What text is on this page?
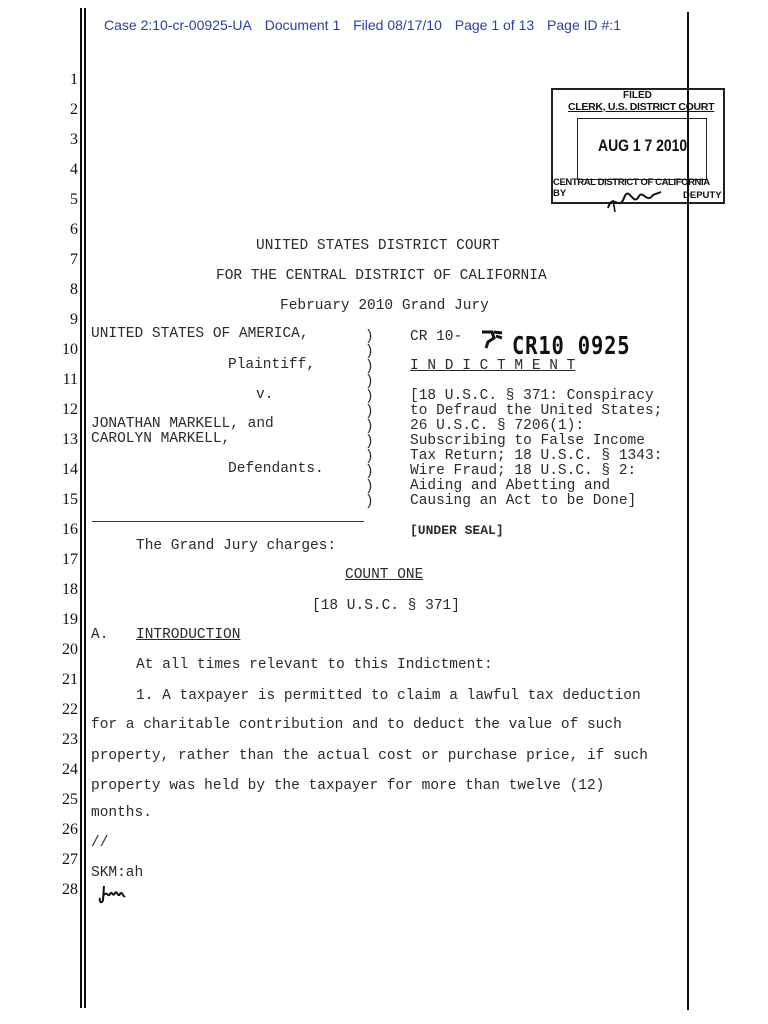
Case 2:10-cr-00925-UA Document 1 Filed 08/17/10 Page 1 of 13 Page ID #:1
1
2
3
4
5
6
7
8
9
10
11
12
13
14
15
16
17
18
19
20
21
22
23
24
25
26
27
28
FILED
CLERK, U.S. DISTRICT COURT
AUG 1 7 2010
CENTRAL DISTRICT OF CALIFORNIA
BY	DEPUTY
UNITED STATES DISTRICT COURT
FOR THE CENTRAL DISTRICT OF CALIFORNIA
February 2010 Grand Jury
UNITED STATES OF AMERICA,
Plaintiff,
v.
JONATHAN MARKELL, and
CAROLYN MARKELL,
Defendants.
)
)
)
)
)
)
)
)
)
)
)
)
CR 10- CR10 0925
I N D I C T M E N T
[18 U.S.C. § 371: Conspiracy
to Defraud the United States;
26 U.S.C. § 7206(1):
Subscribing to False Income
Tax Return; 18 U.S.C. § 1343:
Wire Fraud; 18 U.S.C. § 2:
Aiding and Abetting and
Causing an Act to be Done]
[UNDER SEAL]
The Grand Jury charges:
COUNT ONE
[18 U.S.C. § 371]
A. INTRODUCTION
At all times relevant to this Indictment:
1. A taxpayer is permitted to claim a lawful tax deduction
for a charitable contribution and to deduct the value of such
property, rather than the actual cost or purchase price, if such
property was held by the taxpayer for more than twelve (12)
months.
//
SKM:ah
